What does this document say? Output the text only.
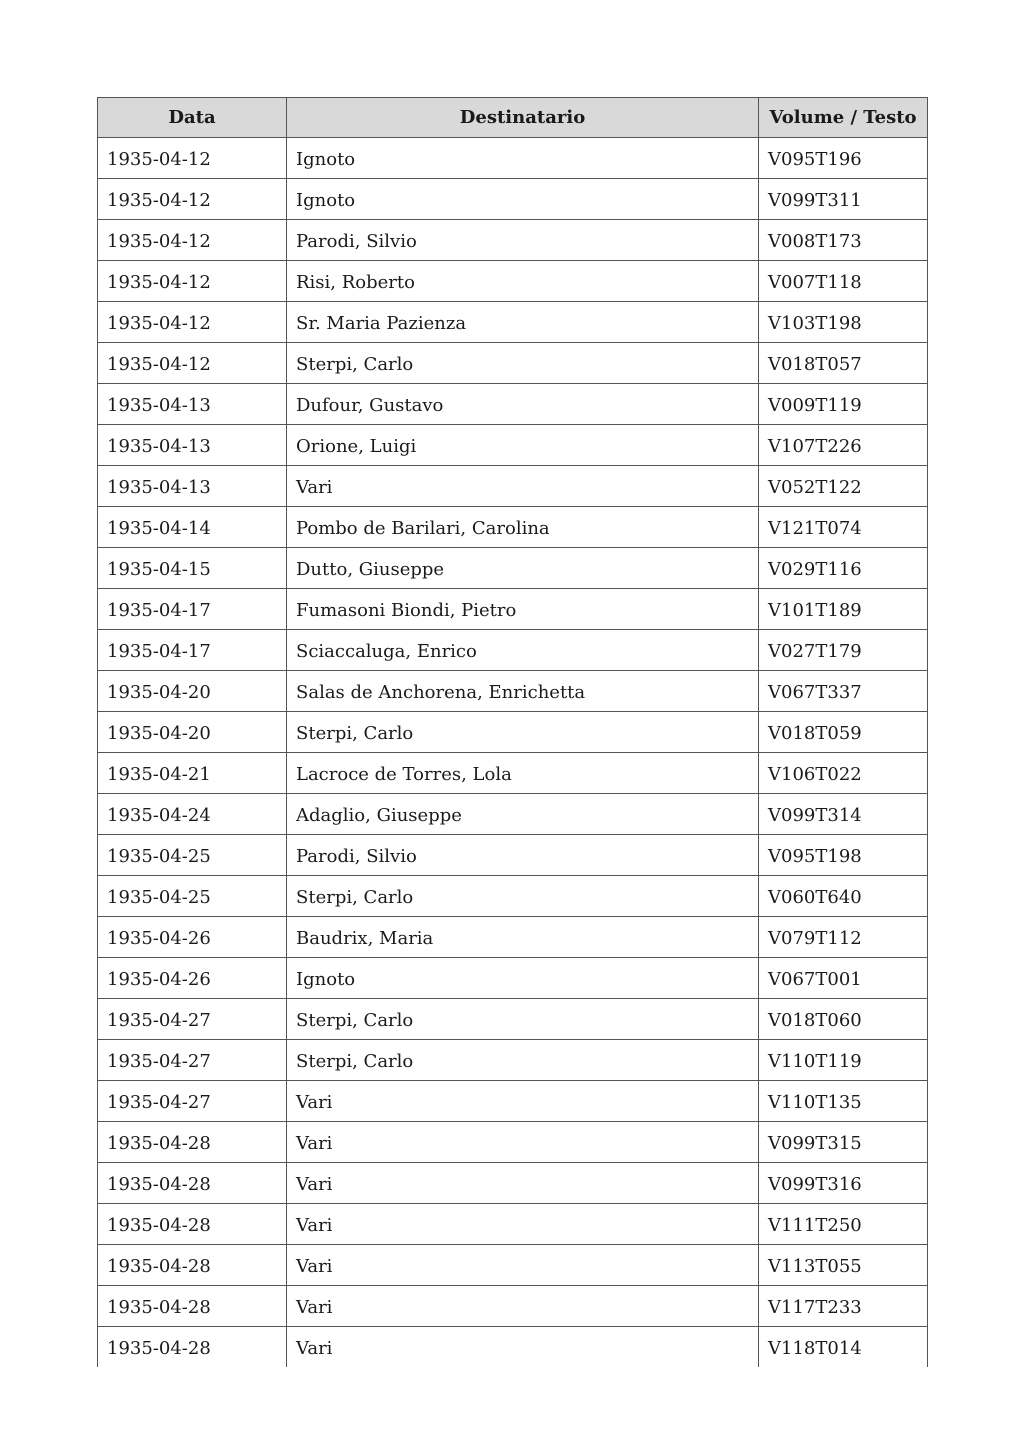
Data	Destinatario	Volume / Testo
1935-04-12	Ignoto	V095T196
1935-04-12	Ignoto	V099T311
1935-04-12	Parodi, Silvio	V008T173
1935-04-12	Risi, Roberto	V007T118
1935-04-12	Sr. Maria Pazienza	V103T198
1935-04-12	Sterpi, Carlo	V018T057
1935-04-13	Dufour, Gustavo	V009T119
1935-04-13	Orione, Luigi	V107T226
1935-04-13	Vari	V052T122
1935-04-14	Pombo de Barilari, Carolina	V121T074
1935-04-15	Dutto, Giuseppe	V029T116
1935-04-17	Fumasoni Biondi, Pietro	V101T189
1935-04-17	Sciaccaluga, Enrico	V027T179
1935-04-20	Salas de Anchorena, Enrichetta	V067T337
1935-04-20	Sterpi, Carlo	V018T059
1935-04-21	Lacroce de Torres, Lola	V106T022
1935-04-24	Adaglio, Giuseppe	V099T314
1935-04-25	Parodi, Silvio	V095T198
1935-04-25	Sterpi, Carlo	V060T640
1935-04-26	Baudrix, Maria	V079T112
1935-04-26	Ignoto	V067T001
1935-04-27	Sterpi, Carlo	V018T060
1935-04-27	Sterpi, Carlo	V110T119
1935-04-27	Vari	V110T135
1935-04-28	Vari	V099T315
1935-04-28	Vari	V099T316
1935-04-28	Vari	V111T250
1935-04-28	Vari	V113T055
1935-04-28	Vari	V117T233
1935-04-28	Vari	V118T014
